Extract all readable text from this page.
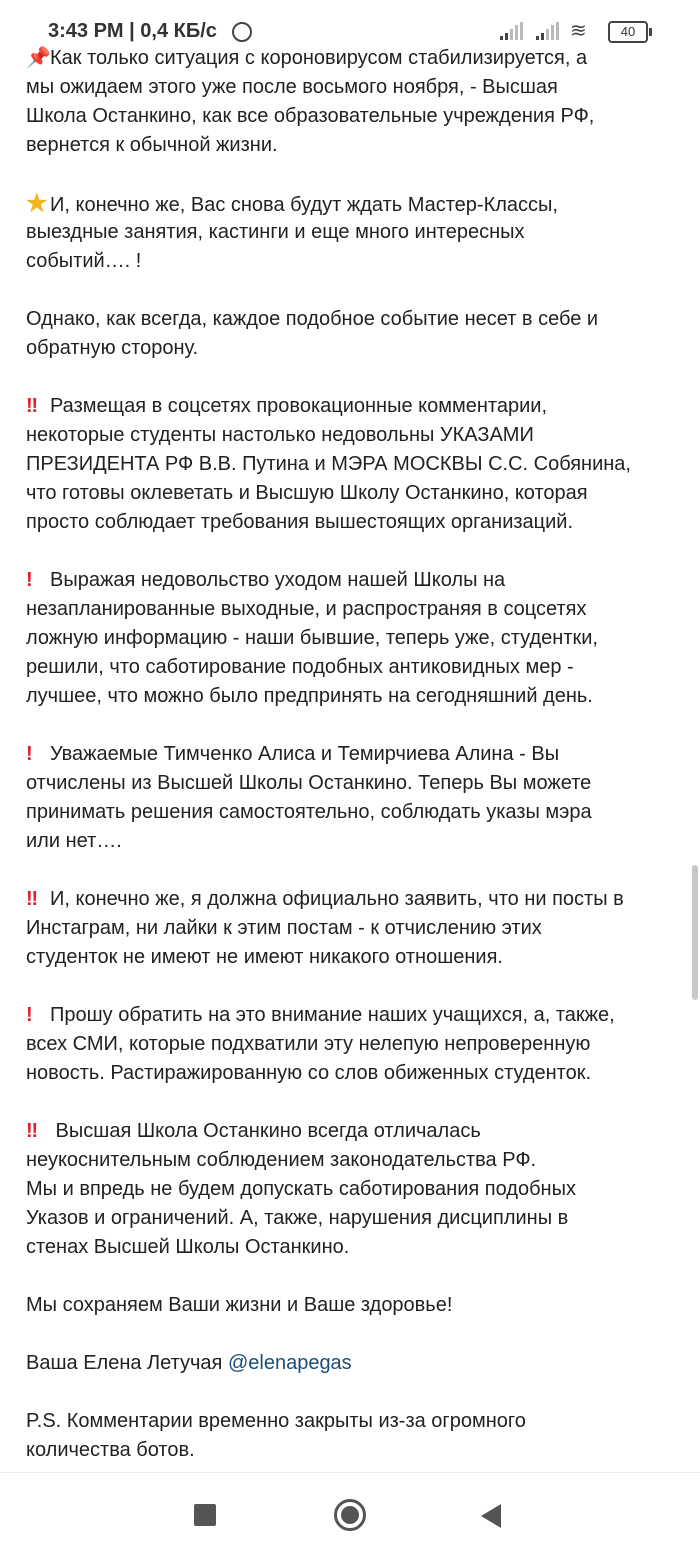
3:43 PM | 0,4 КБ/с	≋	40
📌Как только ситуация с короновирусом стабилизируется, а
мы ожидаем этого уже после восьмого ноября, - Высшая
Школа Останкино, как все образовательные учреждения РФ,
вернется к обычной жизни.
★ И, конечно же, Вас снова будут ждать Мастер-Классы,
выездные занятия, кастинги и еще много интересных
событий…. !
Однако, как всегда, каждое подобное событие несет в себе и
обратную сторону.
‼ Размещая в соцсетях провокационные комментарии,
некоторые студенты настолько недовольны УКАЗАМИ
ПРЕЗИДЕНТА РФ В.В. Путина и МЭРА МОСКВЫ С.С. Собянина,
что готовы оклеветать и Высшую Школу Останкино, которая
просто соблюдает требования вышестоящих организаций.
! Выражая недовольство уходом нашей Школы на
незапланированные выходные, и распространяя в соцсетях
ложную информацию - наши бывшие, теперь уже, студентки,
решили, что саботирование подобных антиковидных мер -
лучшее, что можно было предпринять на сегодняшний день.
! Уважаемые Тимченко Алиса и Темирчиева Алина - Вы
отчислены из Высшей Школы Останкино. Теперь Вы можете
принимать решения самостоятельно, соблюдать указы мэра
или нет….
‼ И, конечно же, я должна официально заявить, что ни посты в
Инстаграм, ни лайки к этим постам - к отчислению этих
студенток не имеют не имеют никакого отношения.
! Прошу обратить на это внимание наших учащихся, а, также,
всех СМИ, которые подхватили эту нелепую непроверенную
новость. Растиражированную со слов обиженных студенток.
‼ Высшая Школа Останкино всегда отличалась
неукоснительным соблюдением законодательства РФ.
Мы и впредь не будем допускать саботирования подобных
Указов и ограничений. А, также, нарушения дисциплины в
стенах Высшей Школы Останкино.
Мы сохраняем Ваши жизни и Ваше здоровье!
Ваша Елена Летучая @elenapegas
P.S. Комментарии временно закрыты из-за огромного
количества ботов.
